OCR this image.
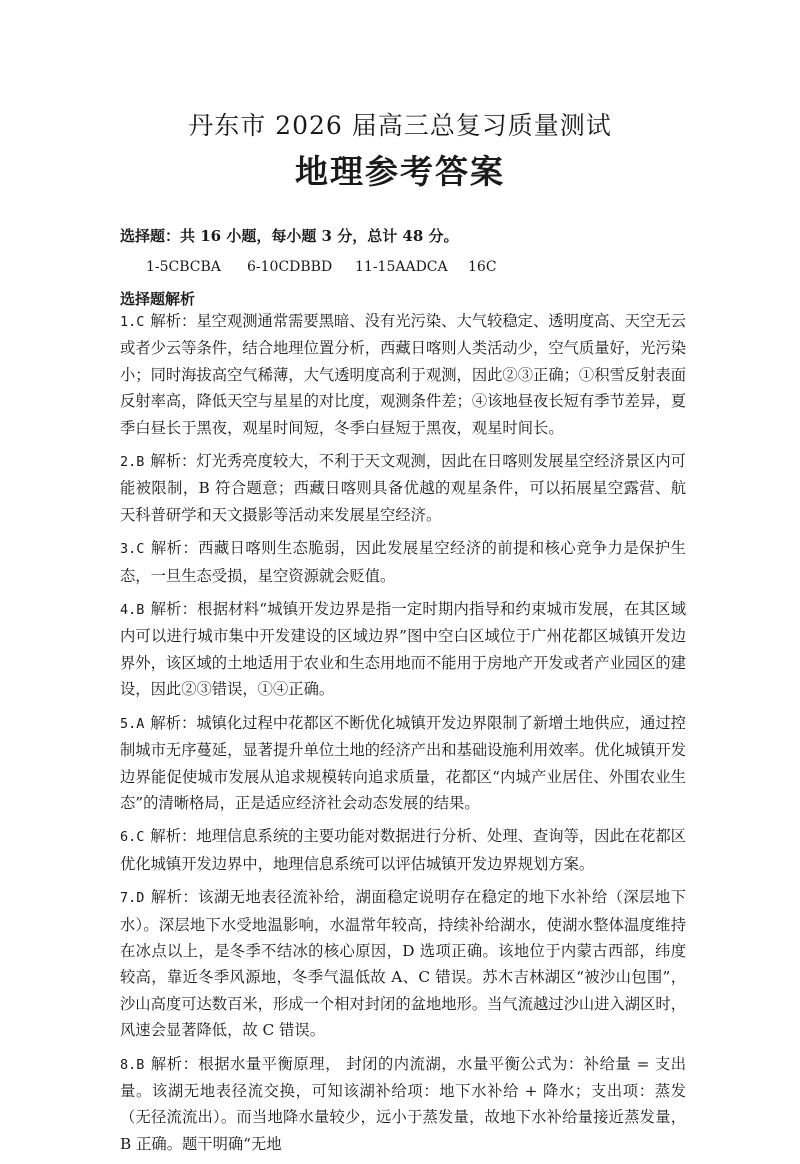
丹东市 2026 届高三总复习质量测试
地理参考答案
选择题：共 16 小题，每小题 3 分，总计 48 分。
1-5CBCBA 6-10CDBBD 11-15AADCA 16C
选择题解析

1.C 解析：星空观测通常需要黑暗、没有光污染、大气较稳定、透明度高、天空无云或者少云等条件，结合地理位置分析，西藏日喀则人类活动少，空气质量好，光污染小；同时海拔高空气稀薄，大气透明度高利于观测，因此②③正确；①积雪反射表面反射率高，降低天空与星星的对比度，观测条件差；④该地昼夜长短有季节差异，夏季白昼长于黑夜，观星时间短，冬季白昼短于黑夜，观星时间长。

2.B 解析：灯光秀亮度较大，不利于天文观测，因此在日喀则发展星空经济景区内可能被限制，B 符合题意；西藏日喀则具备优越的观星条件，可以拓展星空露营、航天科普研学和天文摄影等活动来发展星空经济。

3.C 解析：西藏日喀则生态脆弱，因此发展星空经济的前提和核心竞争力是保护生态，一旦生态受损，星空资源就会贬值。

4.B 解析：根据材料“城镇开发边界是指一定时期内指导和约束城市发展，在其区域内可以进行城市集中开发建设的区域边界”图中空白区域位于广州花都区城镇开发边界外，该区域的土地适用于农业和生态用地而不能用于房地产开发或者产业园区的建设，因此②③错误，①④正确。

5.A 解析：城镇化过程中花都区不断优化城镇开发边界限制了新增土地供应，通过控制城市无序蔓延，显著提升单位土地的经济产出和基础设施利用效率。优化城镇开发边界能促使城市发展从追求规模转向追求质量，花都区“内城产业居住、外围农业生态”的清晰格局，正是适应经济社会动态发展的结果。

6.C 解析：地理信息系统的主要功能对数据进行分析、处理、查询等，因此在花都区优化城镇开发边界中，地理信息系统可以评估城镇开发边界规划方案。

7.D 解析：该湖无地表径流补给，湖面稳定说明存在稳定的地下水补给（深层地下水）。深层地下水受地温影响，水温常年较高，持续补给湖水，使湖水整体温度维持在冰点以上，是冬季不结冰的核心原因，D 选项正确。该地位于内蒙古西部，纬度较高，靠近冬季风源地，冬季气温低故 A、C 错误。苏木吉林湖区“被沙山包围”，沙山高度可达数百米，形成一个相对封闭的盆地地形。当气流越过沙山进入湖区时，风速会显著降低，故 C 错误。

8.B 解析：根据水量平衡原理， 封闭的内流湖，水量平衡公式为：补给量 = 支出量。该湖无地表径流交换，可知该湖补给项：地下水补给 + 降水；支出项：蒸发（无径流流出）。而当地降水量较少，远小于蒸发量，故地下水补给量接近蒸发量，B 正确。题干明确“无地
